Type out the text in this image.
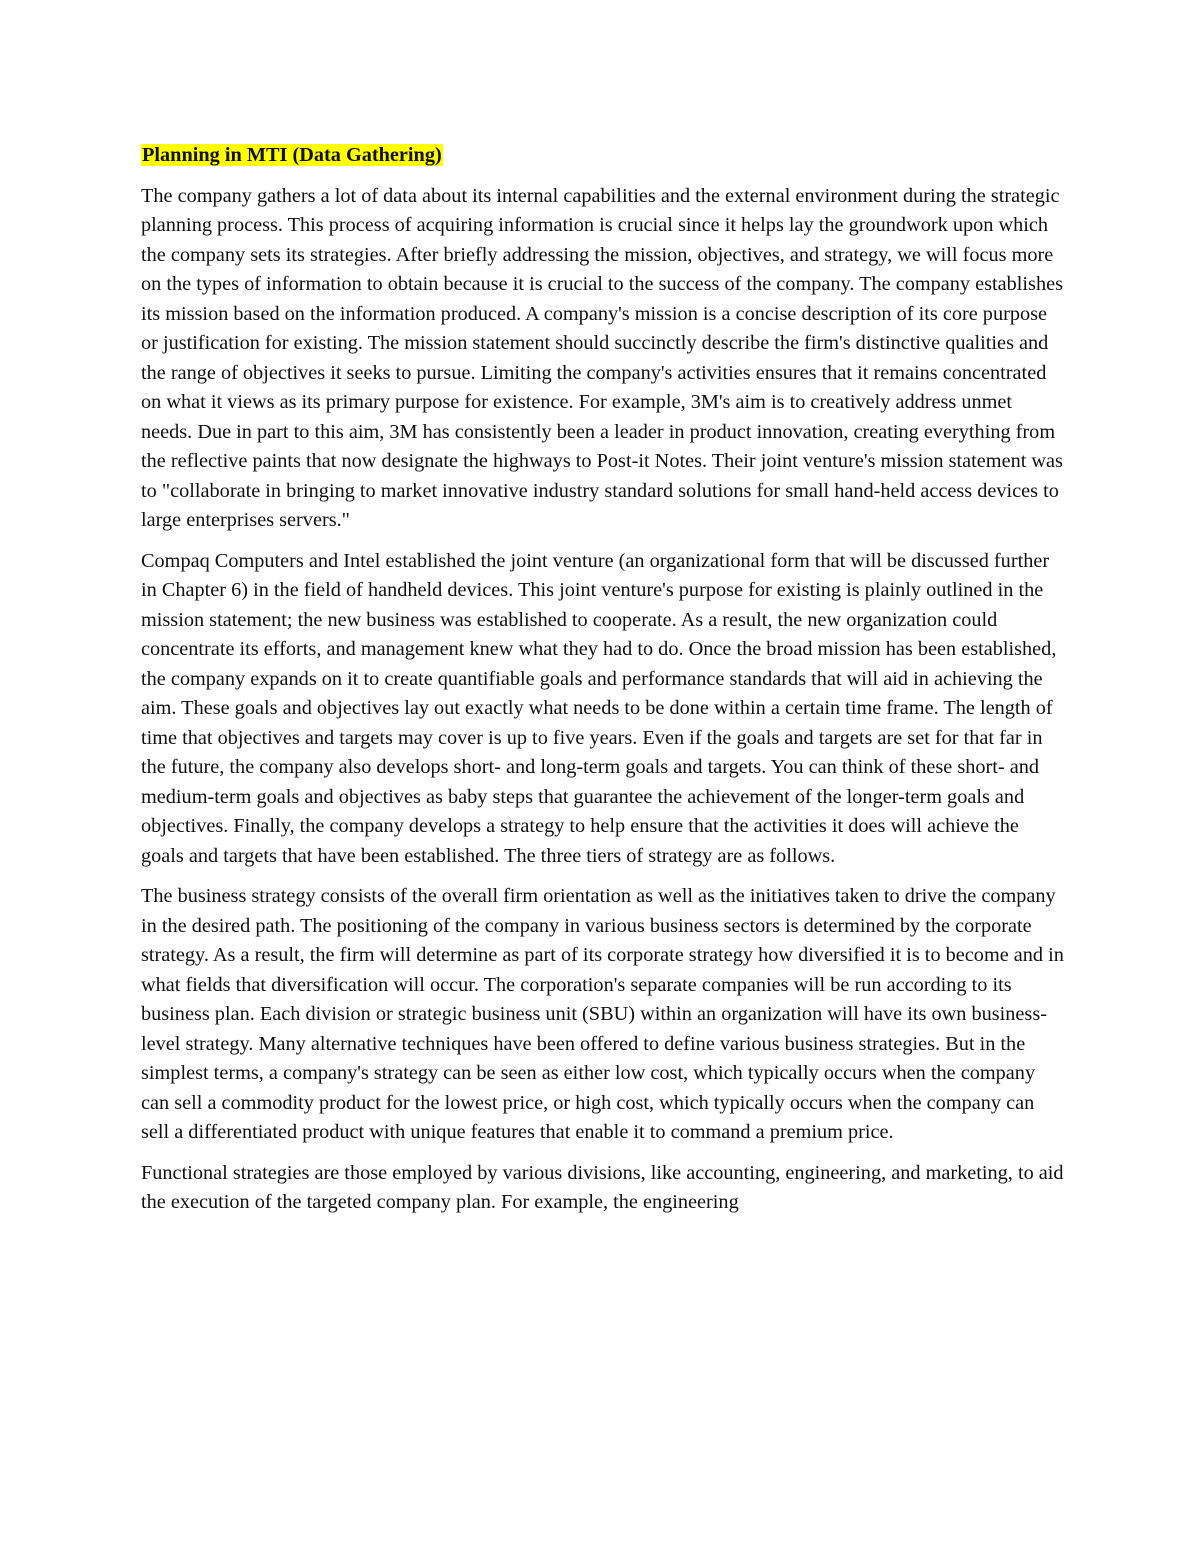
Planning in MTI (Data Gathering)

The company gathers a lot of data about its internal capabilities and the external environment during the strategic planning process. This process of acquiring information is crucial since it helps lay the groundwork upon which the company sets its strategies. After briefly addressing the mission, objectives, and strategy, we will focus more on the types of information to obtain because it is crucial to the success of the company. The company establishes its mission based on the information produced. A company's mission is a concise description of its core purpose or justification for existing. The mission statement should succinctly describe the firm's distinctive qualities and the range of objectives it seeks to pursue. Limiting the company's activities ensures that it remains concentrated on what it views as its primary purpose for existence. For example, 3M's aim is to creatively address unmet needs. Due in part to this aim, 3M has consistently been a leader in product innovation, creating everything from the reflective paints that now designate the highways to Post-it Notes. Their joint venture's mission statement was to "collaborate in bringing to market innovative industry standard solutions for small hand-held access devices to large enterprises servers."

Compaq Computers and Intel established the joint venture (an organizational form that will be discussed further in Chapter 6) in the field of handheld devices. This joint venture's purpose for existing is plainly outlined in the mission statement; the new business was established to cooperate. As a result, the new organization could concentrate its efforts, and management knew what they had to do. Once the broad mission has been established, the company expands on it to create quantifiable goals and performance standards that will aid in achieving the aim. These goals and objectives lay out exactly what needs to be done within a certain time frame. The length of time that objectives and targets may cover is up to five years. Even if the goals and targets are set for that far in the future, the company also develops short- and long-term goals and targets. You can think of these short- and medium-term goals and objectives as baby steps that guarantee the achievement of the longer-term goals and objectives. Finally, the company develops a strategy to help ensure that the activities it does will achieve the goals and targets that have been established. The three tiers of strategy are as follows.

The business strategy consists of the overall firm orientation as well as the initiatives taken to drive the company in the desired path. The positioning of the company in various business sectors is determined by the corporate strategy. As a result, the firm will determine as part of its corporate strategy how diversified it is to become and in what fields that diversification will occur. The corporation's separate companies will be run according to its business plan. Each division or strategic business unit (SBU) within an organization will have its own business-level strategy. Many alternative techniques have been offered to define various business strategies. But in the simplest terms, a company's strategy can be seen as either low cost, which typically occurs when the company can sell a commodity product for the lowest price, or high cost, which typically occurs when the company can sell a differentiated product with unique features that enable it to command a premium price.

Functional strategies are those employed by various divisions, like accounting, engineering, and marketing, to aid the execution of the targeted company plan. For example, the engineering
